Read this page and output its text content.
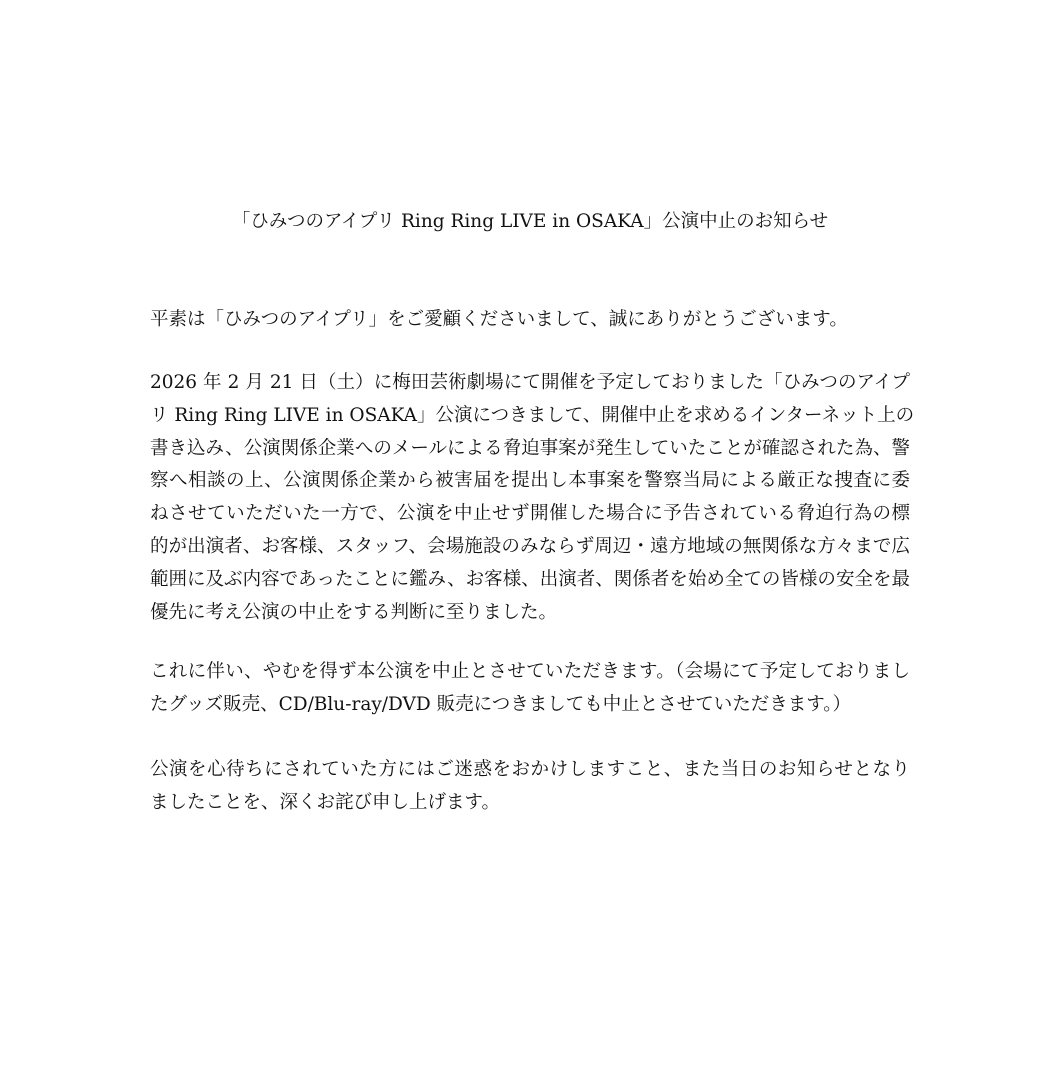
「ひみつのアイプリ Ring Ring LIVE in OSAKA」公演中止のお知らせ

平素は「ひみつのアイプリ」をご愛顧くださいまして、誠にありがとうございます。

2026 年 2 月 21 日（土）に梅田芸術劇場にて開催を予定しておりました「ひみつのアイプ
リ Ring Ring LIVE in OSAKA」公演につきまして、開催中止を求めるインターネット上の
書き込み、公演関係企業へのメールによる脅迫事案が発生していたことが確認された為、警
察へ相談の上、公演関係企業から被害届を提出し本事案を警察当局による厳正な捜査に委
ねさせていただいた一方で、公演を中止せず開催した場合に予告されている脅迫行為の標
的が出演者、お客様、スタッフ、会場施設のみならず周辺・遠方地域の無関係な方々まで広
範囲に及ぶ内容であったことに鑑み、お客様、出演者、関係者を始め全ての皆様の安全を最
優先に考え公演の中止をする判断に至りました。

これに伴い、やむを得ず本公演を中止とさせていただきます。（会場にて予定しておりまし
たグッズ販売、CD/Blu-ray/DVD 販売につきましても中止とさせていただきます。）

公演を心待ちにされていた方にはご迷惑をおかけしますこと、また当日のお知らせとなり
ましたことを、深くお詫び申し上げます。
